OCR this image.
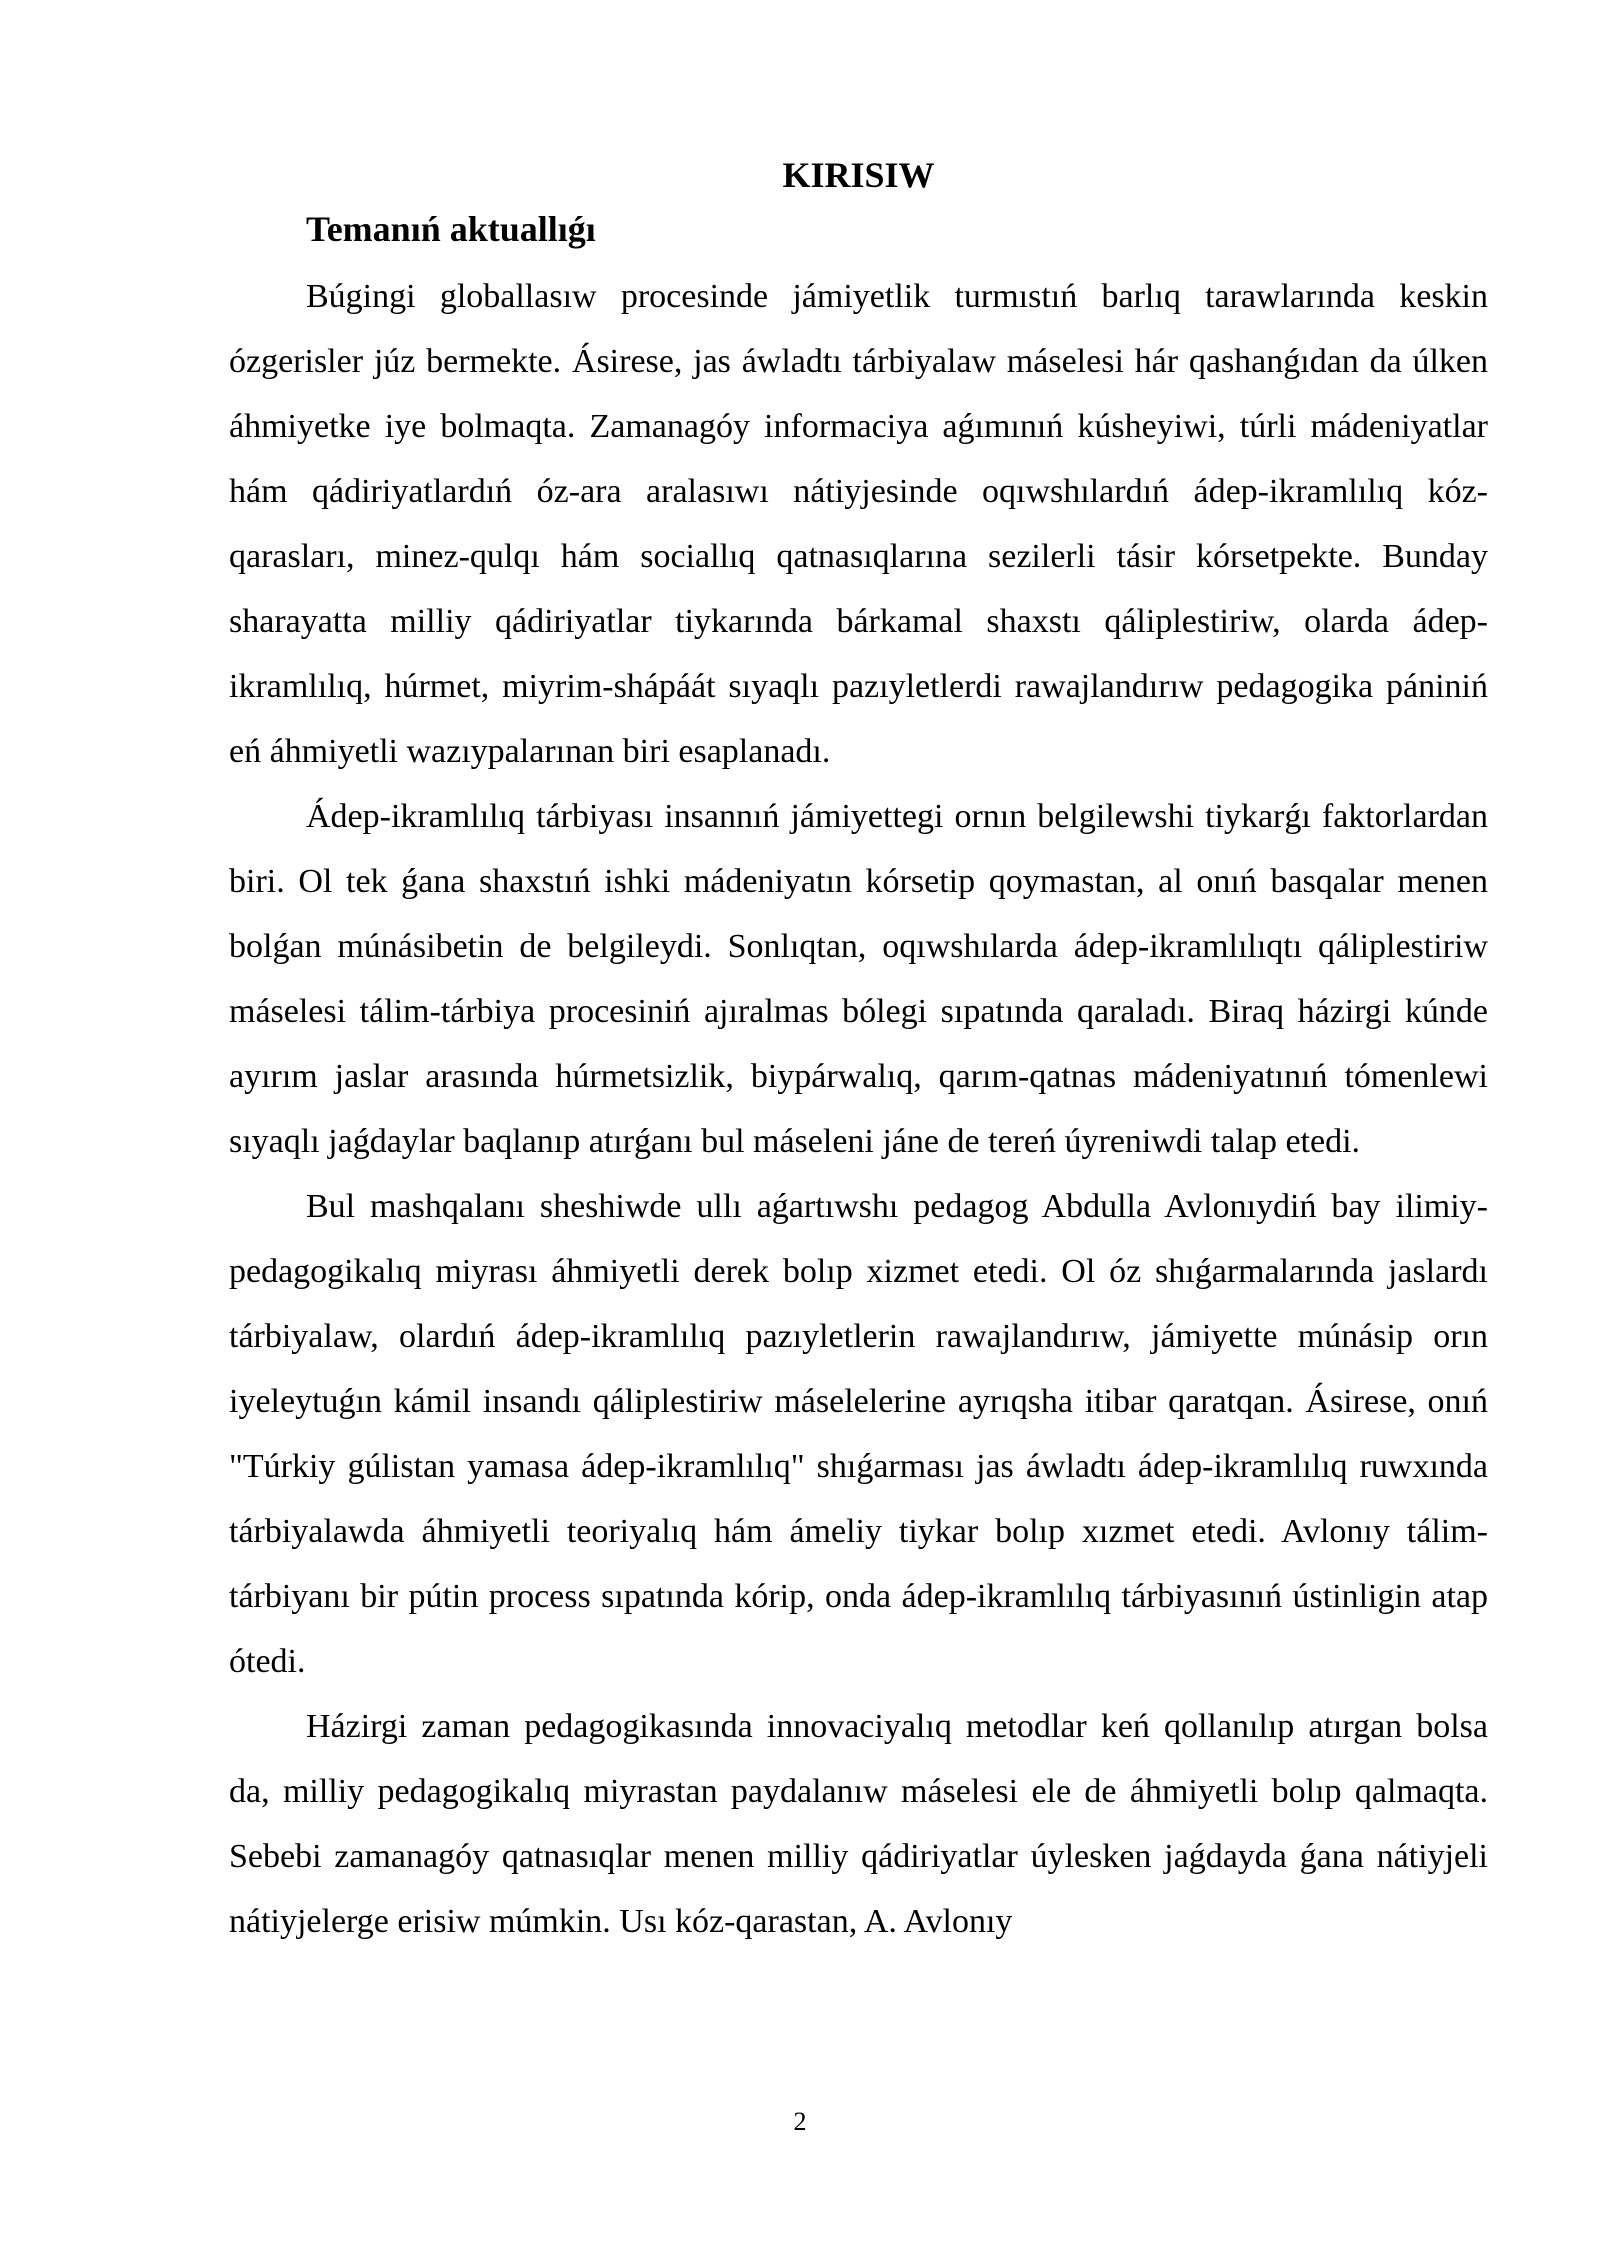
KIRISIW
Temanıń aktuallıǵı

Búgingi globallasıw procesinde jámiyetlik turmıstıń barlıq tarawlarında keskin ózgerisler júz bermekte. Ásirese, jas áwladtı tárbiyalaw máselesi hár qashanǵıdan da úlken áhmiyetke iye bolmaqta. Zamanagóy informaciya aǵımınıń kúsheyiwi, túrli mádeniyatlar hám qádiriyatlardıń óz-ara aralasıwı nátiyjesinde oqıwshılardıń ádep-ikramlılıq kóz-qarasları, minez-qulqı hám sociallıq qatnasıqlarına sezilerli tásir kórsetpekte. Bunday sharayatta milliy qádiriyatlar tiykarında bárkamal shaxstı qáliplestiriw, olarda ádep-ikramlılıq, húrmet, miyrim-shápáát sıyaqlı pazıyletlerdi rawajlandırıw pedagogika pániniń eń áhmiyetli wazıypalarınan biri esaplanadı.

Ádep-ikramlılıq tárbiyası insannıń jámiyettegi ornın belgilewshi tiykarǵı faktorlardan biri. Ol tek ǵana shaxstıń ishki mádeniyatın kórsetip qoymastan, al onıń basqalar menen bolǵan múnásibetin de belgileydi. Sonlıqtan, oqıwshılarda ádep-ikramlılıqtı qáliplestiriw máselesi tálim-tárbiya procesiniń ajıralmas bólegi sıpatında qaraladı. Biraq házirgi kúnde ayırım jaslar arasında húrmetsizlik, biypárwalıq, qarım-qatnas mádeniyatınıń tómenlewi sıyaqlı jaǵdaylar baqlanıp atırǵanı bul máseleni jáne de tereń úyreniwdi talap etedi.

Bul mashqalanı sheshiwde ullı aǵartıwshı pedagog Abdulla Avlonıydiń bay ilimiy-pedagogikalıq miyrası áhmiyetli derek bolıp xizmet etedi. Ol óz shıǵarmalarında jaslardı tárbiyalaw, olardıń ádep-ikramlılıq pazıyletlerin rawajlandırıw, jámiyette múnásip orın iyeleytuǵın kámil insandı qáliplestiriw máselelerine ayrıqsha itibar qaratqan. Ásirese, onıń "Túrkiy gúlistan yamasa ádep-ikramlılıq" shıǵarması jas áwladtı ádep-ikramlılıq ruwxında tárbiyalawda áhmiyetli teoriyalıq hám ámeliy tiykar bolıp xızmet etedi. Avlonıy tálim-tárbiyanı bir pútin process sıpatında kórip, onda ádep-ikramlılıq tárbiyasınıń ústinligin atap ótedi.

Házirgi zaman pedagogikasında innovaciyalıq metodlar keń qollanılıp atırgan bolsa da, milliy pedagogikalıq miyrastan paydalanıw máselesi ele de áhmiyetli bolıp qalmaqta. Sebebi zamanagóy qatnasıqlar menen milliy qádiriyatlar úylesken jaǵdayda ǵana nátiyjeli nátiyjelerge erisiw múmkin. Usı kóz-qarastan, A. Avlonıy

2
